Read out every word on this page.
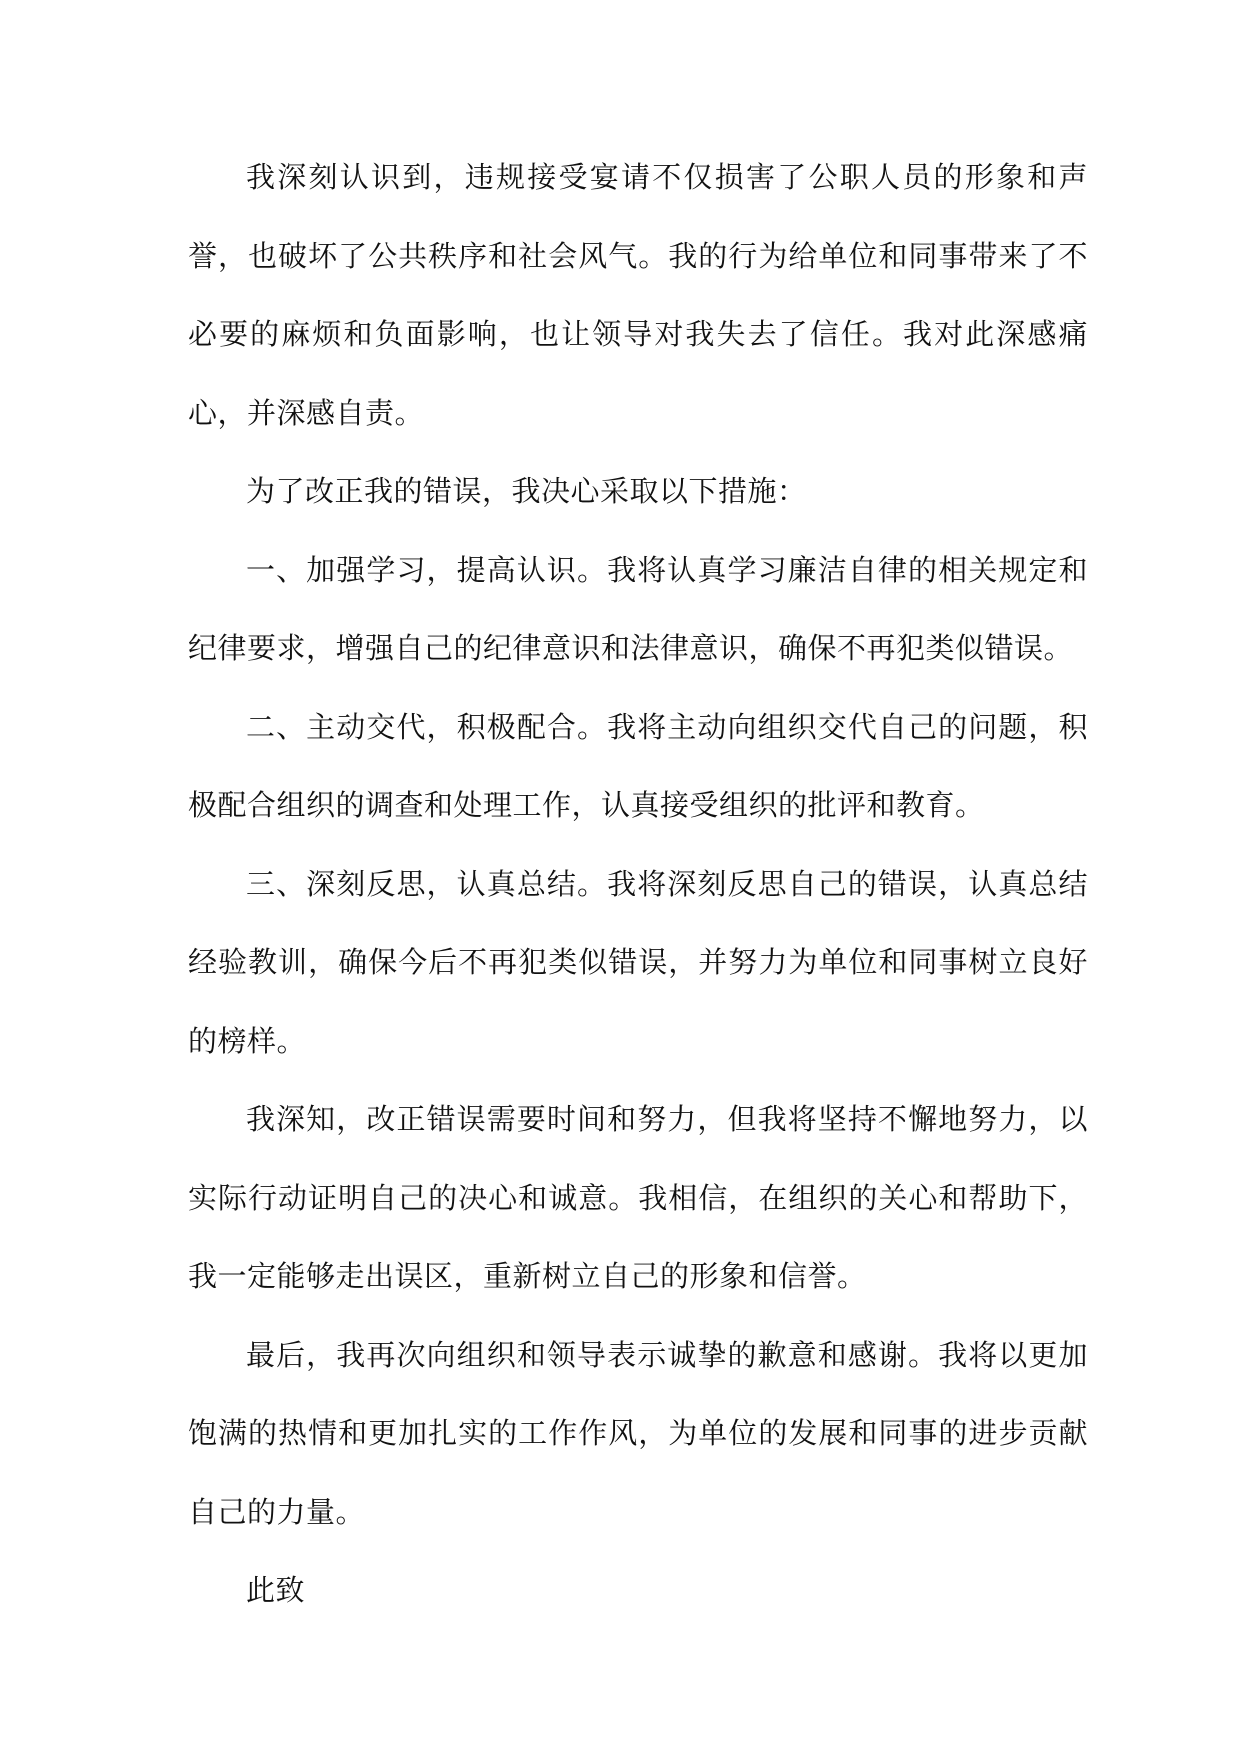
我深刻认识到，违规接受宴请不仅损害了公职人员的形象和声誉，也破坏了公共秩序和社会风气。我的行为给单位和同事带来了不必要的麻烦和负面影响，也让领导对我失去了信任。我对此深感痛心，并深感自责。

为了改正我的错误，我决心采取以下措施：

一、加强学习，提高认识。我将认真学习廉洁自律的相关规定和纪律要求，增强自己的纪律意识和法律意识，确保不再犯类似错误。

二、主动交代，积极配合。我将主动向组织交代自己的问题，积极配合组织的调查和处理工作，认真接受组织的批评和教育。

三、深刻反思，认真总结。我将深刻反思自己的错误，认真总结经验教训，确保今后不再犯类似错误，并努力为单位和同事树立良好的榜样。

我深知，改正错误需要时间和努力，但我将坚持不懈地努力，以实际行动证明自己的决心和诚意。我相信，在组织的关心和帮助下，我一定能够走出误区，重新树立自己的形象和信誉。

最后，我再次向组织和领导表示诚挚的歉意和感谢。我将以更加饱满的热情和更加扎实的工作作风，为单位的发展和同事的进步贡献自己的力量。

此致
